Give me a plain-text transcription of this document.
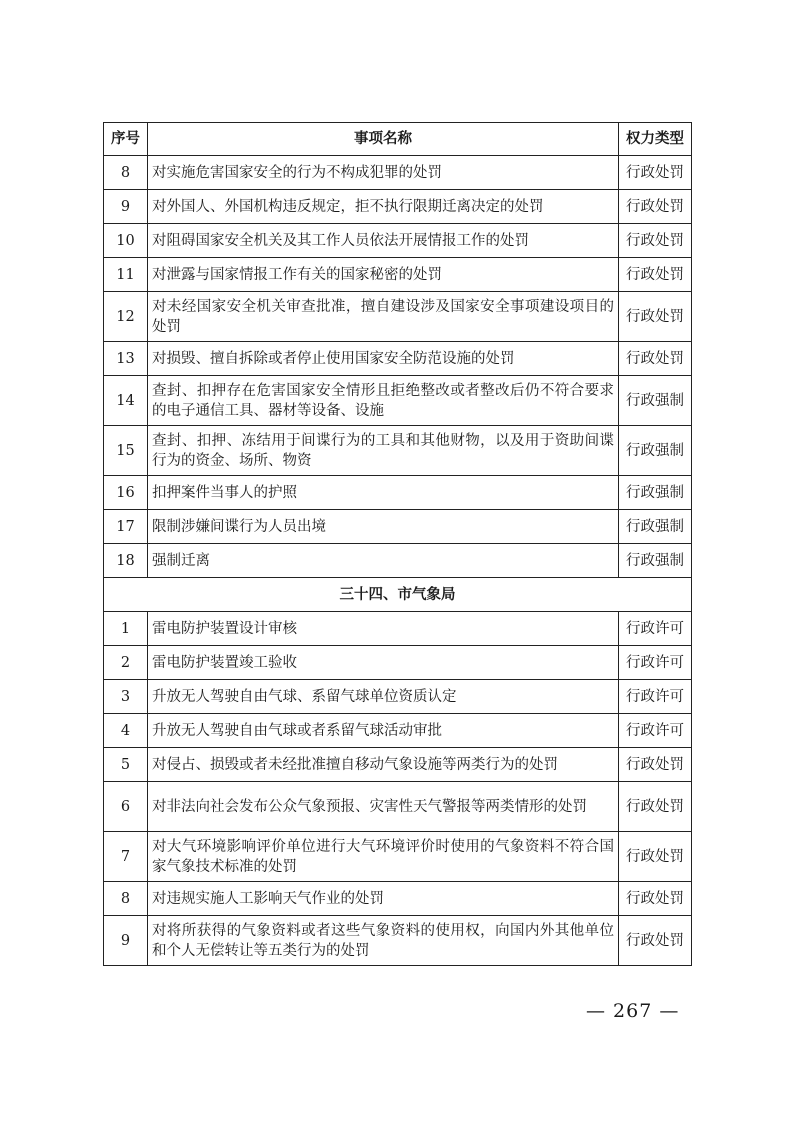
序号	事项名称	权力类型
8	对实施危害国家安全的行为不构成犯罪的处罚	行政处罚
9	对外国人、外国机构违反规定，拒不执行限期迁离决定的处罚	行政处罚
10	对阻碍国家安全机关及其工作人员依法开展情报工作的处罚	行政处罚
11	对泄露与国家情报工作有关的国家秘密的处罚	行政处罚
12	对未经国家安全机关审查批准，擅自建设涉及国家安全事项建设项目的处罚	行政处罚
13	对损毁、擅自拆除或者停止使用国家安全防范设施的处罚	行政处罚
14	查封、扣押存在危害国家安全情形且拒绝整改或者整改后仍不符合要求的电子通信工具、器材等设备、设施	行政强制
15	查封、扣押、冻结用于间谍行为的工具和其他财物，以及用于资助间谍行为的资金、场所、物资	行政强制
16	扣押案件当事人的护照	行政强制
17	限制涉嫌间谍行为人员出境	行政强制
18	强制迁离	行政强制
三十四、市气象局		
1	雷电防护装置设计审核	行政许可
2	雷电防护装置竣工验收	行政许可
3	升放无人驾驶自由气球、系留气球单位资质认定	行政许可
4	升放无人驾驶自由气球或者系留气球活动审批	行政许可
5	对侵占、损毁或者未经批准擅自移动气象设施等两类行为的处罚	行政处罚
6	对非法向社会发布公众气象预报、灾害性天气警报等两类情形的处罚	行政处罚
7	对大气环境影响评价单位进行大气环境评价时使用的气象资料不符合国家气象技术标准的处罚	行政处罚
8	对违规实施人工影响天气作业的处罚	行政处罚
9	对将所获得的气象资料或者这些气象资料的使用权，向国内外其他单位和个人无偿转让等五类行为的处罚	行政处罚
— 267 —
